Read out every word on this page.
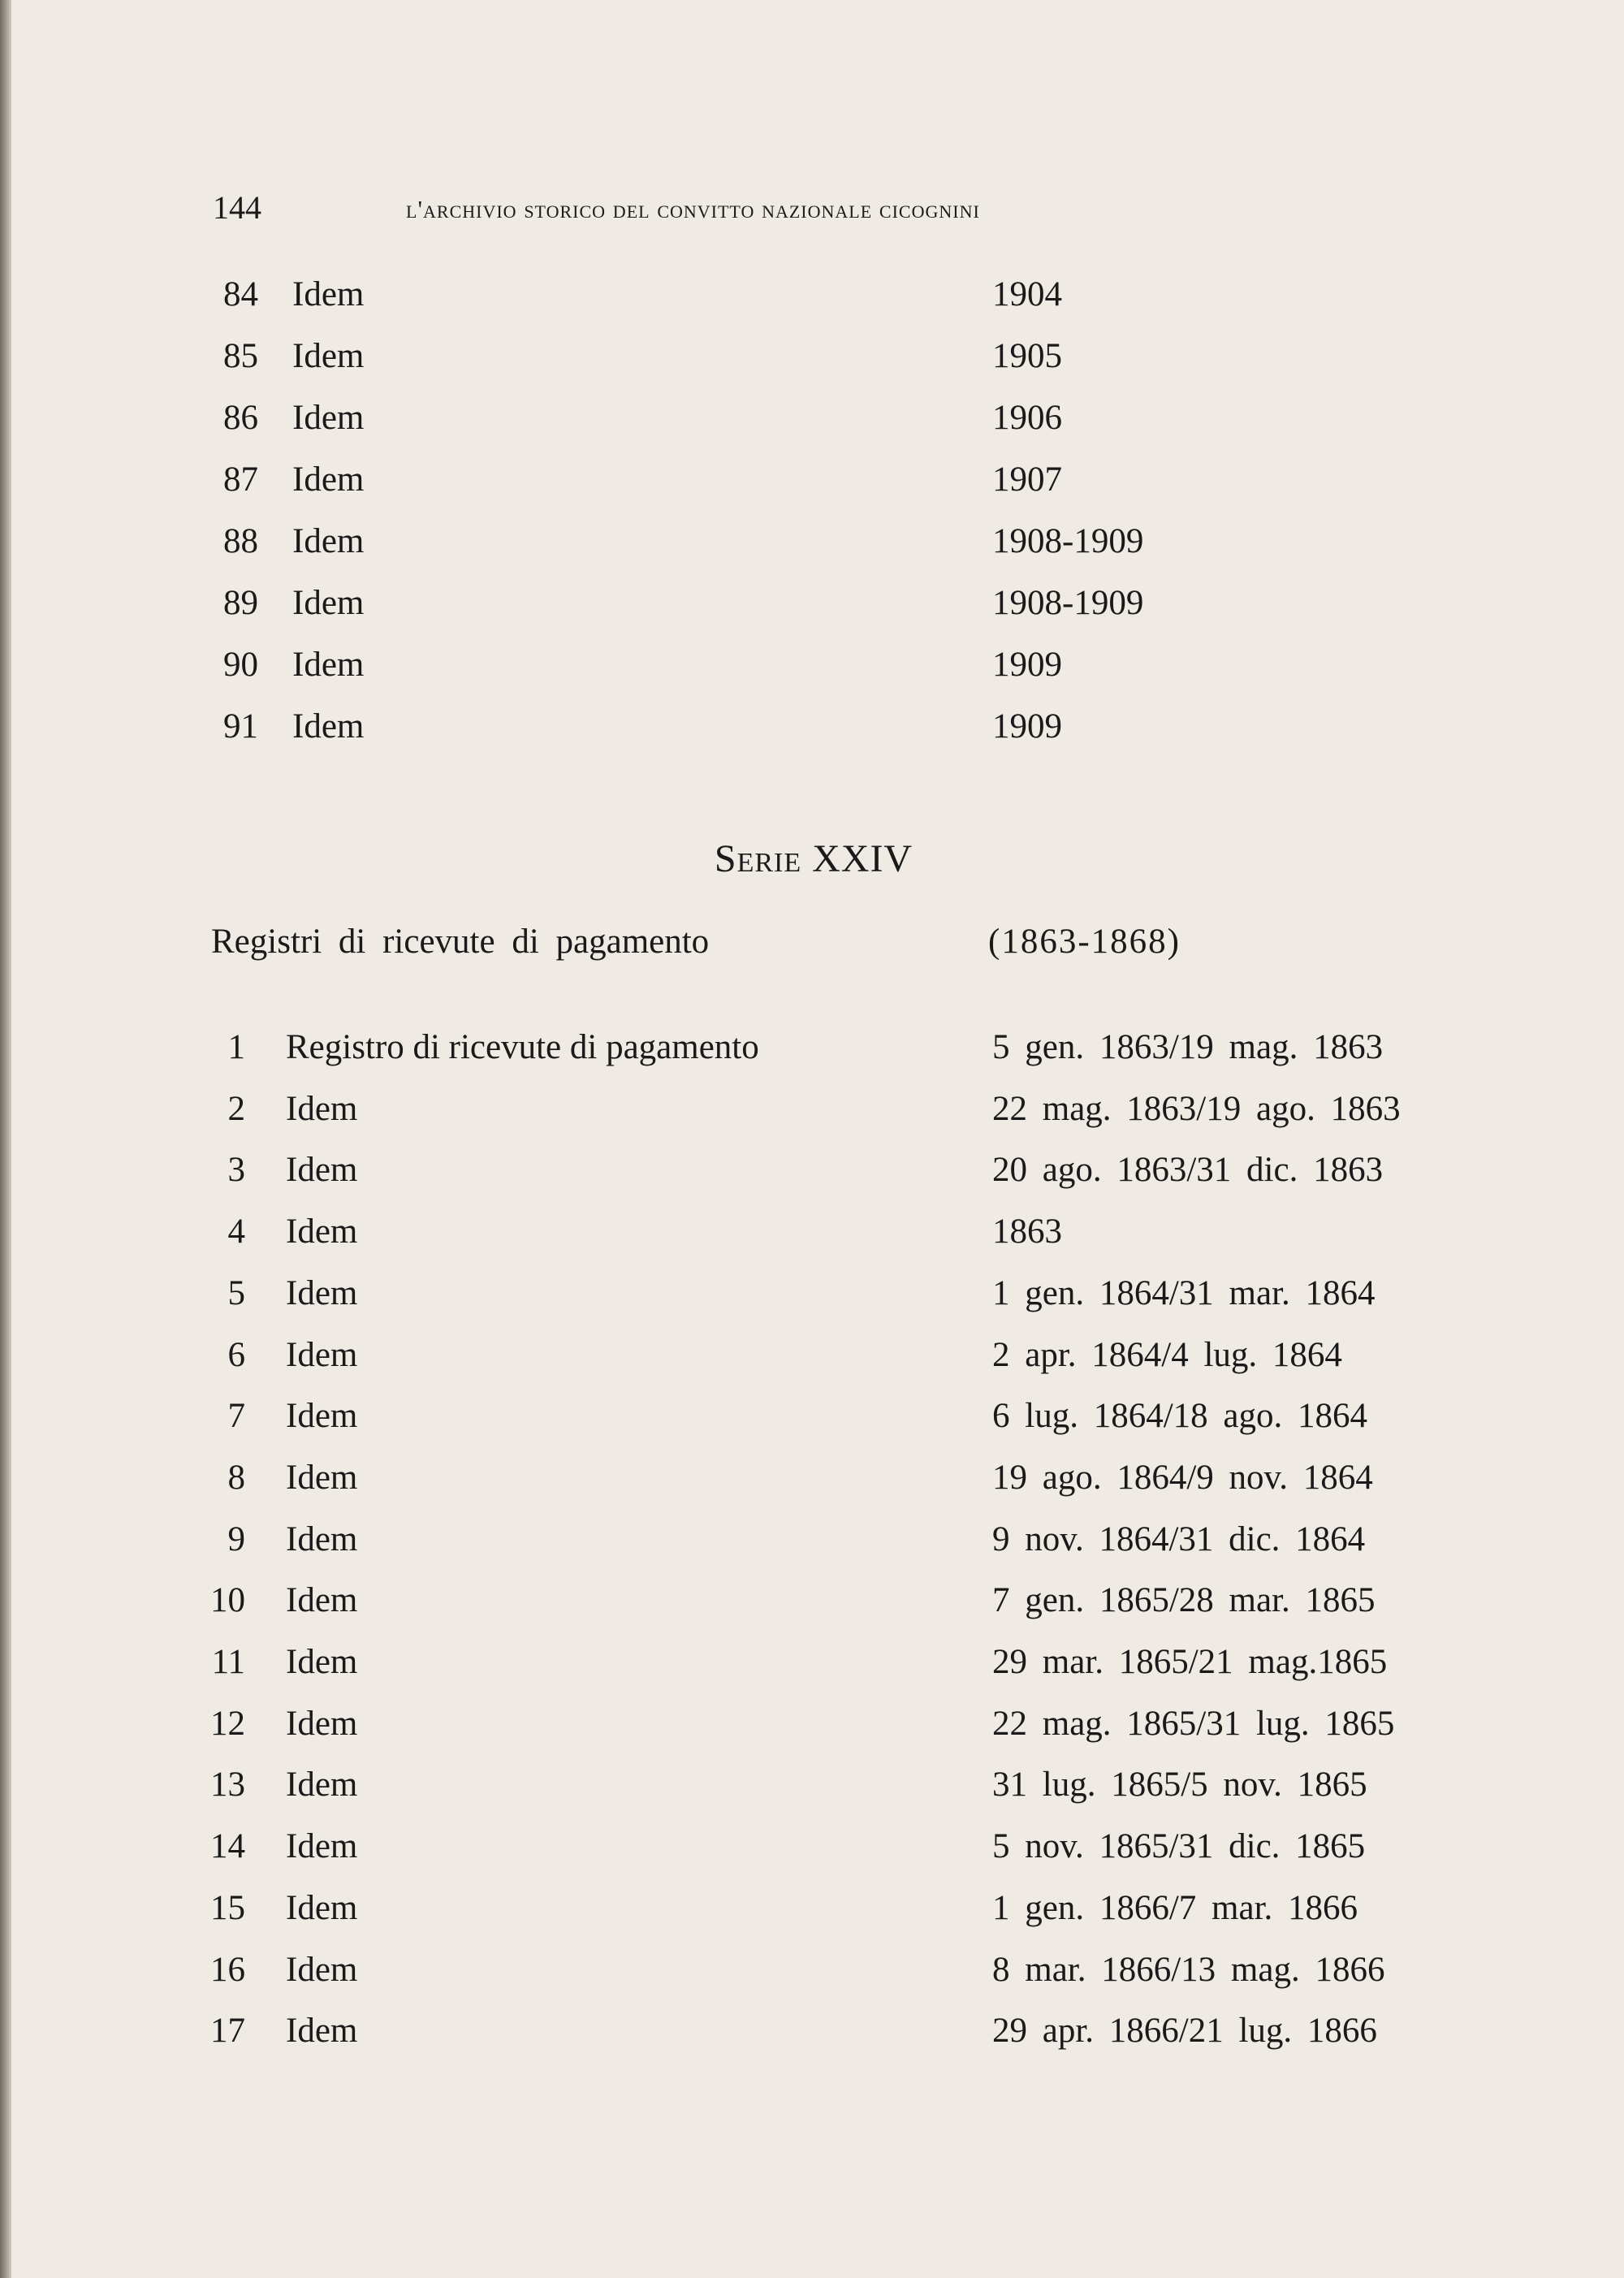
144	l'archivio storico del convitto nazionale cicognini
84 Idem	1904
85 Idem	1905
86 Idem	1906
87 Idem	1907
88 Idem	1908-1909
89 Idem	1908-1909
90 Idem	1909
91 Idem	1909
Serie XXIV
Registri di ricevute di pagamento	(1863-1868)
1 Registro di ricevute di pagamento	5 gen. 1863/19 mag. 1863
2 Idem	22 mag. 1863/19 ago. 1863
3 Idem	20 ago. 1863/31 dic. 1863
4 Idem	1863
5 Idem	1 gen. 1864/31 mar. 1864
6 Idem	2 apr. 1864/4 lug. 1864
7 Idem	6 lug. 1864/18 ago. 1864
8 Idem	19 ago. 1864/9 nov. 1864
9 Idem	9 nov. 1864/31 dic. 1864
10 Idem	7 gen. 1865/28 mar. 1865
11 Idem	29 mar. 1865/21 mag.1865
12 Idem	22 mag. 1865/31 lug. 1865
13 Idem	31 lug. 1865/5 nov. 1865
14 Idem	5 nov. 1865/31 dic. 1865
15 Idem	1 gen. 1866/7 mar. 1866
16 Idem	8 mar. 1866/13 mag. 1866
17 Idem	29 apr. 1866/21 lug. 1866
